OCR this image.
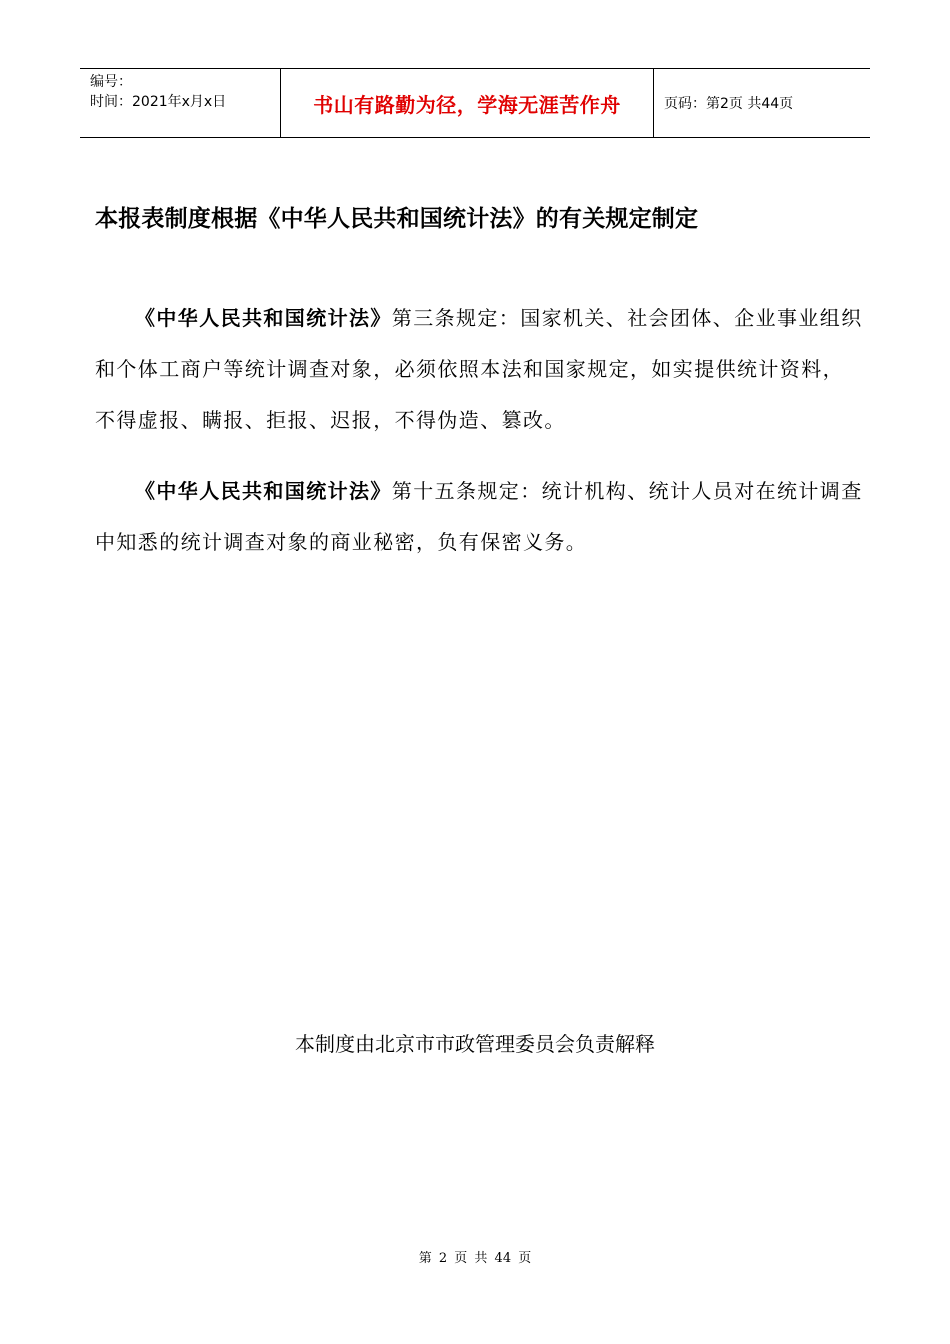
编号：
时间：2021年x月x日	书山有路勤为径，学海无涯苦作舟	页码：第2页 共44页
本报表制度根据《中华人民共和国统计法》的有关规定制定
《中华人民共和国统计法》第三条规定：国家机关、社会团体、企业事业组织和个体工商户等统计调查对象，必须依照本法和国家规定，如实提供统计资料，不得虚报、瞒报、拒报、迟报，不得伪造、篡改。
《中华人民共和国统计法》第十五条规定：统计机构、统计人员对在统计调查中知悉的统计调查对象的商业秘密，负有保密义务。
本制度由北京市市政管理委员会负责解释
第 2 页 共 44 页
